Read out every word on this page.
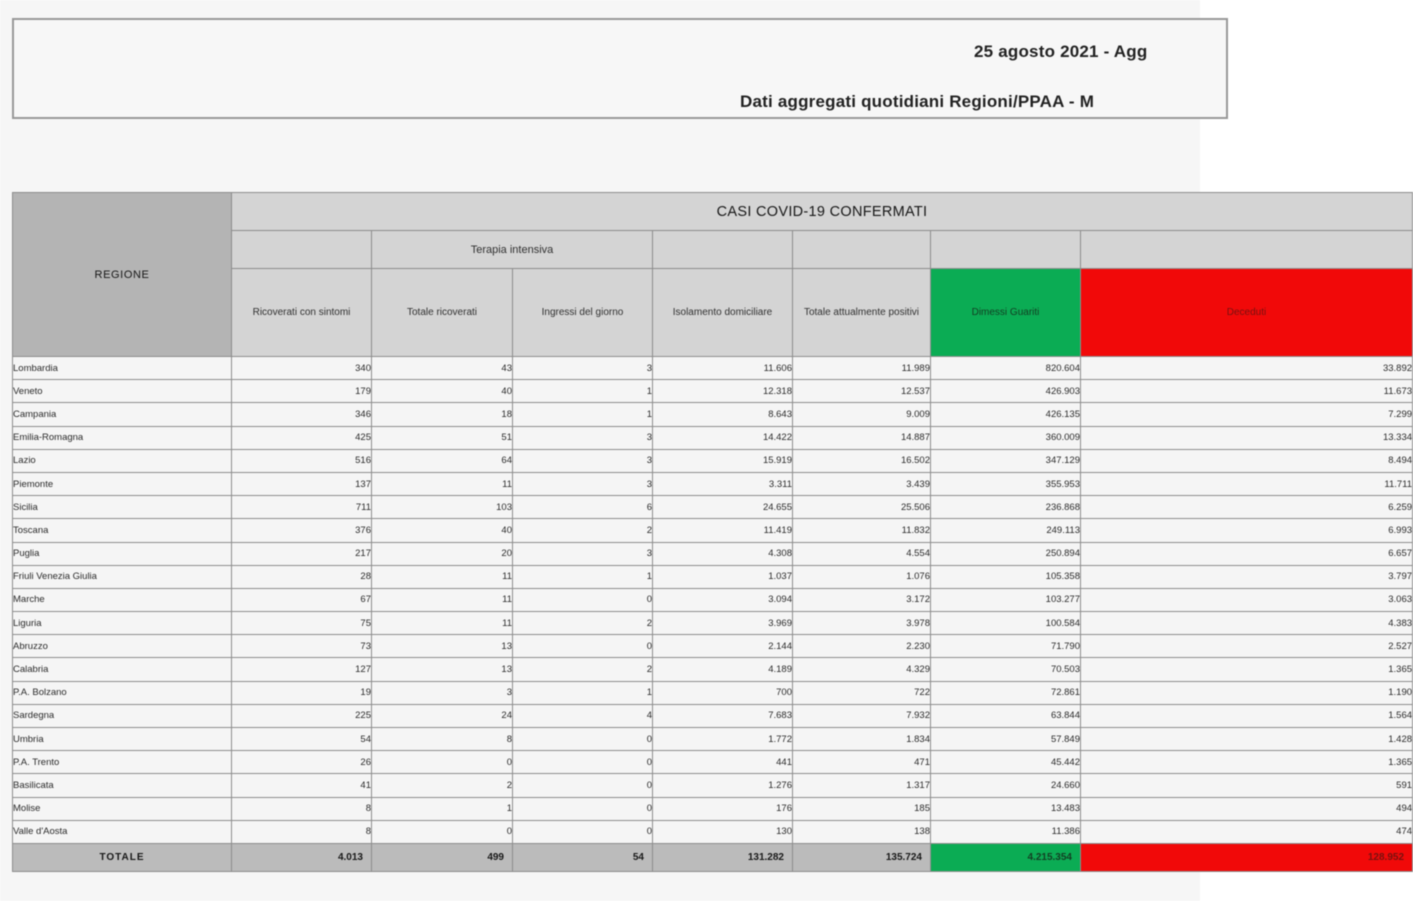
25 agosto 2021 - Agg
Dati aggregati quotidiani Regioni/PPAA - M
REGIONE	CASI COVID-19 CONFERMATI						
		Terapia intensiva					
	Ricoverati con sintomi	Totale ricoverati	Ingressi del giorno	Isolamento domiciliare	Totale attualmente positivi	Dimessi Guariti	Deceduti
Lombardia	340	43	3	11.606	11.989	820.604	33.892
Veneto	179	40	1	12.318	12.537	426.903	11.673
Campania	346	18	1	8.643	9.009	426.135	7.299
Emilia-Romagna	425	51	3	14.422	14.887	360.009	13.334
Lazio	516	64	3	15.919	16.502	347.129	8.494
Piemonte	137	11	3	3.311	3.439	355.953	11.711
Sicilia	711	103	6	24.655	25.506	236.868	6.259
Toscana	376	40	2	11.419	11.832	249.113	6.993
Puglia	217	20	3	4.308	4.554	250.894	6.657
Friuli Venezia Giulia	28	11	1	1.037	1.076	105.358	3.797
Marche	67	11	0	3.094	3.172	103.277	3.063
Liguria	75	11	2	3.969	3.978	100.584	4.383
Abruzzo	73	13	0	2.144	2.230	71.790	2.527
Calabria	127	13	2	4.189	4.329	70.503	1.365
P.A. Bolzano	19	3	1	700	722	72.861	1.190
Sardegna	225	24	4	7.683	7.932	63.844	1.564
Umbria	54	8	0	1.772	1.834	57.849	1.428
P.A. Trento	26	0	0	441	471	45.442	1.365
Basilicata	41	2	0	1.276	1.317	24.660	591
Molise	8	1	0	176	185	13.483	494
Valle d'Aosta	8	0	0	130	138	11.386	474
TOTALE	4.013	499	54	131.282	135.724	4.215.354	128.952
